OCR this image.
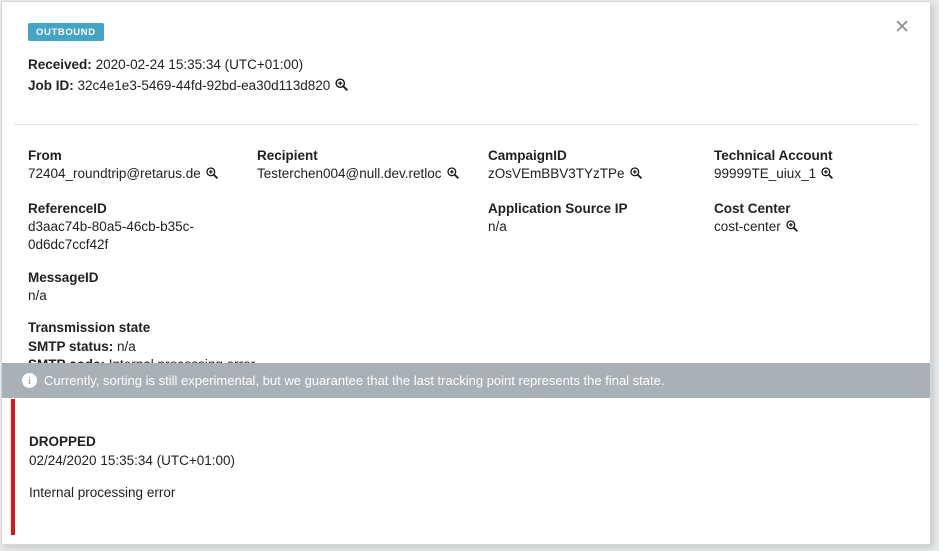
✕
OUTBOUND
Received: 2020-02-24 15:35:34 (UTC+01:00)
Job ID: 32c4e1e3-5469-44fd-92bd-ea30d113d820
From
72404_roundtrip@retarus.de
Recipient
Testerchen004@null.dev.retloc
CampaignID
zOsVEmBBV3TYzTPe
Technical Account
99999TE_uiux_1
ReferenceID
d3aac74b-80a5-46cb-b35c-0d6dc7ccf42f
Application Source IP
n/a
Cost Center
cost-center
MessageID
n/a
Transmission state
SMTP status: n/a
i Currently, sorting is still experimental, but we guarantee that the last tracking point represents the final state.
DROPPED
02/24/2020 15:35:34 (UTC+01:00)
Internal processing error
